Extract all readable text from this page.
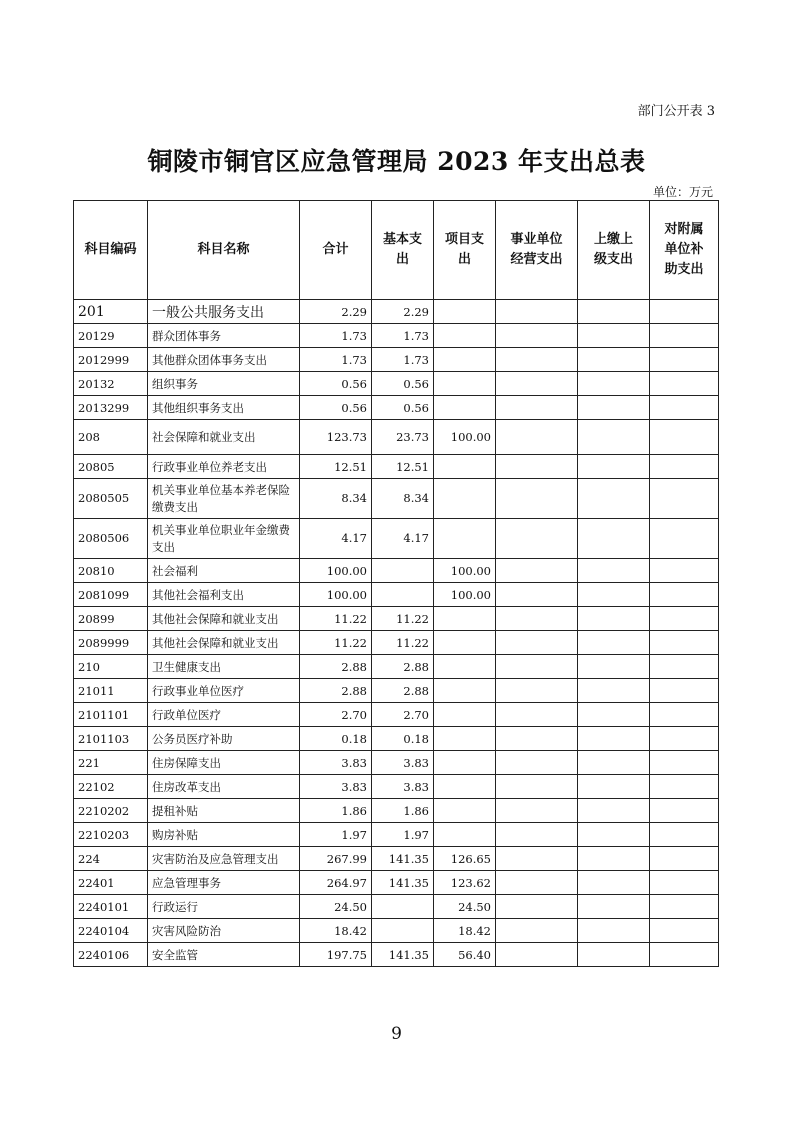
部门公开表 3
铜陵市铜官区应急管理局 2023 年支出总表
单位：万元
科目编码	科目名称	合计	基本支
出	项目支
出	事业单位
经营支出	上缴上
级支出	对附属
单位补
助支出
201	一般公共服务支出	2.29	2.29				
20129	群众团体事务	1.73	1.73				
2012999	其他群众团体事务支出	1.73	1.73				
20132	组织事务	0.56	0.56				
2013299	其他组织事务支出	0.56	0.56				
208	社会保障和就业支出	123.73	23.73	100.00			
20805	行政事业单位养老支出	12.51	12.51				
2080505	机关事业单位基本养老保险缴费支出	8.34	8.34				
2080506	机关事业单位职业年金缴费支出	4.17	4.17				
20810	社会福利	100.00		100.00			
2081099	其他社会福利支出	100.00		100.00			
20899	其他社会保障和就业支出	11.22	11.22				
2089999	其他社会保障和就业支出	11.22	11.22				
210	卫生健康支出	2.88	2.88				
21011	行政事业单位医疗	2.88	2.88				
2101101	行政单位医疗	2.70	2.70				
2101103	公务员医疗补助	0.18	0.18				
221	住房保障支出	3.83	3.83				
22102	住房改革支出	3.83	3.83				
2210202	提租补贴	1.86	1.86				
2210203	购房补贴	1.97	1.97				
224	灾害防治及应急管理支出	267.99	141.35	126.65			
22401	应急管理事务	264.97	141.35	123.62			
2240101	行政运行	24.50		24.50			
2240104	灾害风险防治	18.42		18.42			
2240106	安全监管	197.75	141.35	56.40			
9
